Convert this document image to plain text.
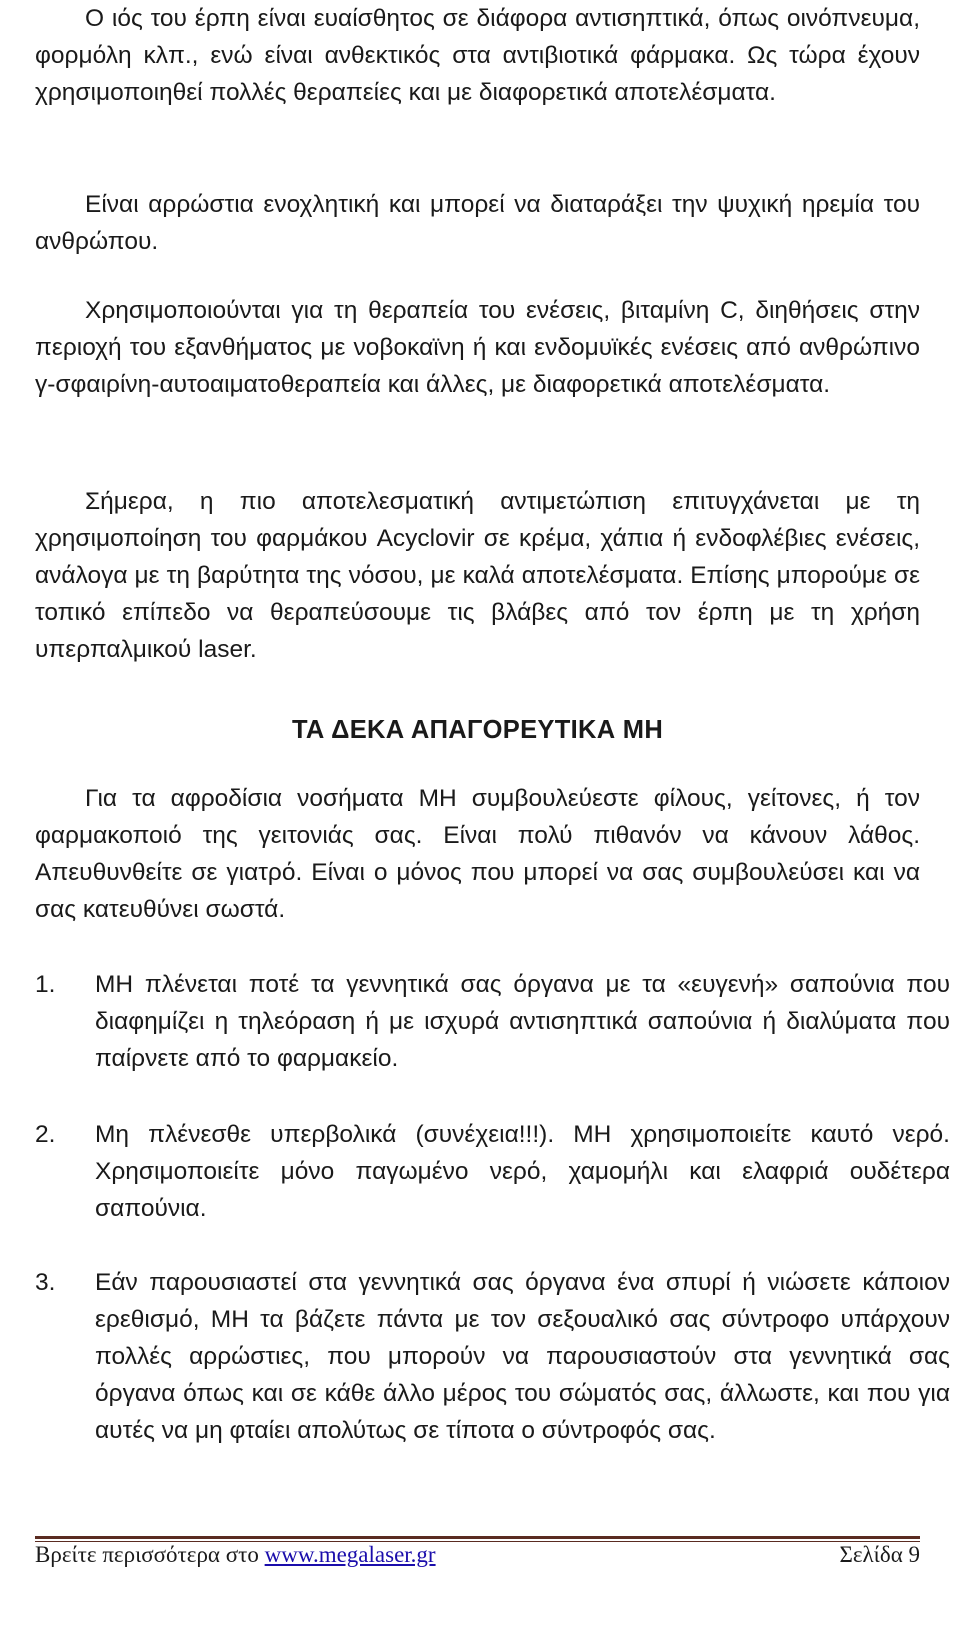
Ο ιός του έρπη είναι ευαίσθητος σε διάφορα αντισηπτικά, όπως οινόπνευμα, φορμόλη κλπ., ενώ είναι ανθεκτικός στα αντιβιοτικά φάρμακα. Ως τώρα έχουν χρησιμοποιηθεί πολλές θεραπείες και με διαφορετικά αποτελέσματα.

Είναι αρρώστια ενοχλητική και μπορεί να διαταράξει την ψυχική ηρεμία του ανθρώπου.

Χρησιμοποιούνται για τη θεραπεία του ενέσεις, βιταμίνη C, διηθήσεις στην περιοχή του εξανθήματος με νοβοκαϊνη ή και ενδομυϊκές ενέσεις από ανθρώπινο γ-σφαιρίνη-αυτοαιματοθεραπεία και άλλες, με διαφορετικά αποτελέσματα.

Σήμερα, η πιο αποτελεσματική αντιμετώπιση επιτυγχάνεται με τη χρησιμοποίηση του φαρμάκου Acyclovir σε κρέμα, χάπια ή ενδοφλέβιες ενέσεις, ανάλογα με τη βαρύτητα της νόσου, με καλά αποτελέσματα. Επίσης μπορούμε σε τοπικό επίπεδο να θεραπεύσουμε τις βλάβες από τον έρπη με τη χρήση υπερπαλμικού laser.

ΤΑ ΔΕΚΑ ΑΠΑΓΟΡΕΥΤΙΚΑ ΜΗ

Για τα αφροδίσια νοσήματα ΜΗ συμβουλεύεστε φίλους, γείτονες, ή τον φαρμακοποιό της γειτονιάς σας. Είναι πολύ πιθανόν να κάνουν λάθος. Απευθυνθείτε σε γιατρό. Είναι ο μόνος που μπορεί να σας συμβουλεύσει και να σας κατευθύνει σωστά.

1. ΜΗ πλένεται ποτέ τα γεννητικά σας όργανα με τα «ευγενή» σαπούνια που διαφημίζει η τηλεόραση ή με ισχυρά αντισηπτικά σαπούνια ή διαλύματα που παίρνετε από το φαρμακείο.
2. Μη πλένεσθε υπερβολικά (συνέχεια!!!). ΜΗ χρησιμοποιείτε καυτό νερό. Χρησιμοποιείτε μόνο παγωμένο νερό, χαμομήλι και ελαφριά ουδέτερα σαπούνια.
3. Εάν παρουσιαστεί στα γεννητικά σας όργανα ένα σπυρί ή νιώσετε κάποιον ερεθισμό, ΜΗ τα βάζετε πάντα με τον σεξουαλικό σας σύντροφο υπάρχουν πολλές αρρώστιες, που μπορούν να παρουσιαστούν στα γεννητικά σας όργανα όπως και σε κάθε άλλο μέρος του σώματός σας, άλλωστε, και που για αυτές να μη φταίει απολύτως σε τίποτα ο σύντροφός σας.
Βρείτε περισσότερα στο www.megalaser.gr	Σελίδα 9
